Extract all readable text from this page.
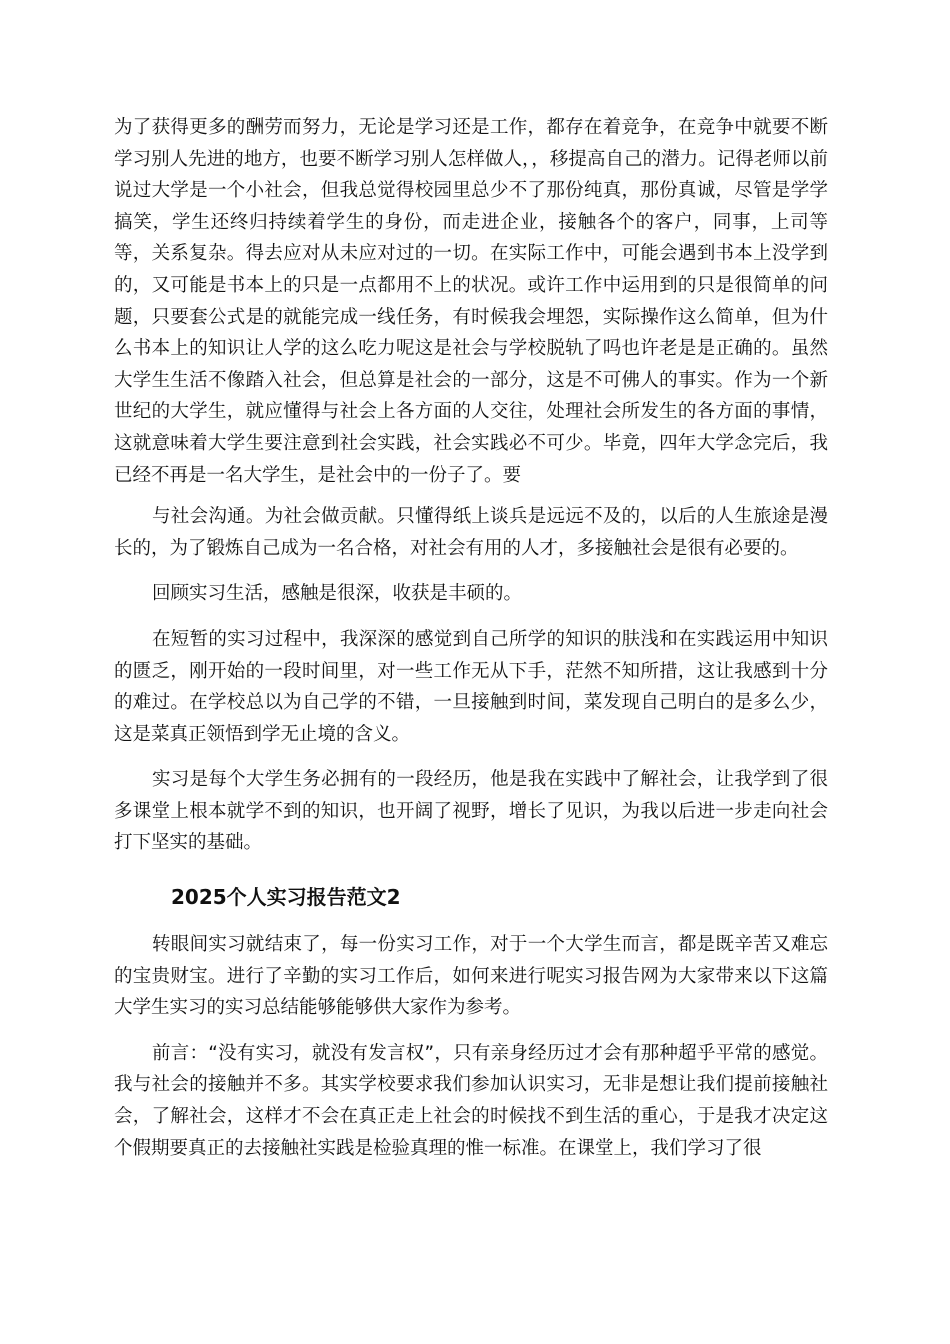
为了获得更多的酬劳而努力，无论是学习还是工作，都存在着竞争，在竞争中就要不断学习别人先进的地方，也要不断学习别人怎样做人，，移提高自己的潜力。记得老师以前说过大学是一个小社会，但我总觉得校园里总少不了那份纯真，那份真诚，尽管是学学搞笑，学生还终归持续着学生的身份，而走进企业，接触各个的客户，同事，上司等等，关系复杂。得去应对从未应对过的一切。在实际工作中，可能会遇到书本上没学到的，又可能是书本上的只是一点都用不上的状况。或许工作中运用到的只是很简单的问题，只要套公式是的就能完成一线任务，有时候我会埋怨，实际操作这么简单，但为什么书本上的知识让人学的这么吃力呢这是社会与学校脱轨了吗也许老是是正确的。虽然大学生生活不像踏入社会，但总算是社会的一部分，这是不可佛人的事实。作为一个新世纪的大学生，就应懂得与社会上各方面的人交往，处理社会所发生的各方面的事情，这就意味着大学生要注意到社会实践，社会实践必不可少。毕竟，四年大学念完后，我已经不再是一名大学生，是社会中的一份子了。要

与社会沟通。为社会做贡献。只懂得纸上谈兵是远远不及的，以后的人生旅途是漫长的，为了锻炼自己成为一名合格，对社会有用的人才，多接触社会是很有必要的。

回顾实习生活，感触是很深，收获是丰硕的。

在短暂的实习过程中，我深深的感觉到自己所学的知识的肤浅和在实践运用中知识的匮乏，刚开始的一段时间里，对一些工作无从下手，茫然不知所措，这让我感到十分的难过。在学校总以为自己学的不错，一旦接触到时间，菜发现自己明白的是多么少，这是菜真正领悟到学无止境的含义。

实习是每个大学生务必拥有的一段经历，他是我在实践中了解社会，让我学到了很多课堂上根本就学不到的知识，也开阔了视野，增长了见识，为我以后进一步走向社会打下坚实的基础。

2025个人实习报告范文2

转眼间实习就结束了，每一份实习工作，对于一个大学生而言，都是既辛苦又难忘的宝贵财宝。进行了辛勤的实习工作后，如何来进行呢实习报告网为大家带来以下这篇大学生实习的实习总结能够能够供大家作为参考。

前言：“没有实习，就没有发言权”，只有亲身经历过才会有那种超乎平常的感觉。我与社会的接触并不多。其实学校要求我们参加认识实习，无非是想让我们提前接触社会，了解社会，这样才不会在真正走上社会的时候找不到生活的重心，于是我才决定这个假期要真正的去接触社实践是检验真理的惟一标准。在课堂上，我们学习了很
